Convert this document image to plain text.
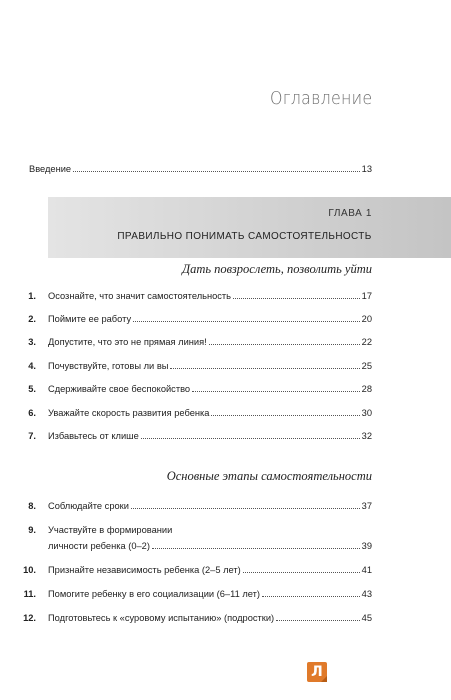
Оглавление
Введение	13
ГЛАВА 1
ПРАВИЛЬНО ПОНИМАТЬ САМОСТОЯТЕЛЬНОСТЬ
Дать повзрослеть, позволить уйти
1.	Осознайте, что значит самостоятельность	17
2.	Поймите ее работу	20
3.	Допустите, что это не прямая линия!	22
4.	Почувствуйте, готовы ли вы	25
5.	Сдерживайте свое беспокойство	28
6.	Уважайте скорость развития ребенка	30
7.	Избавьтесь от клише	32
Основные этапы самостоятельности
8.	Соблюдайте сроки	37
9.	Участвуйте в формировании
личности ребенка (0–2)	39
10.	Признайте независимость ребенка (2–5 лет)	41
11.	Помогите ребенку в его социализации (6–11 лет)	43
12.	Подготовьтесь к «суровому испытанию» (подростки)	45
Л
